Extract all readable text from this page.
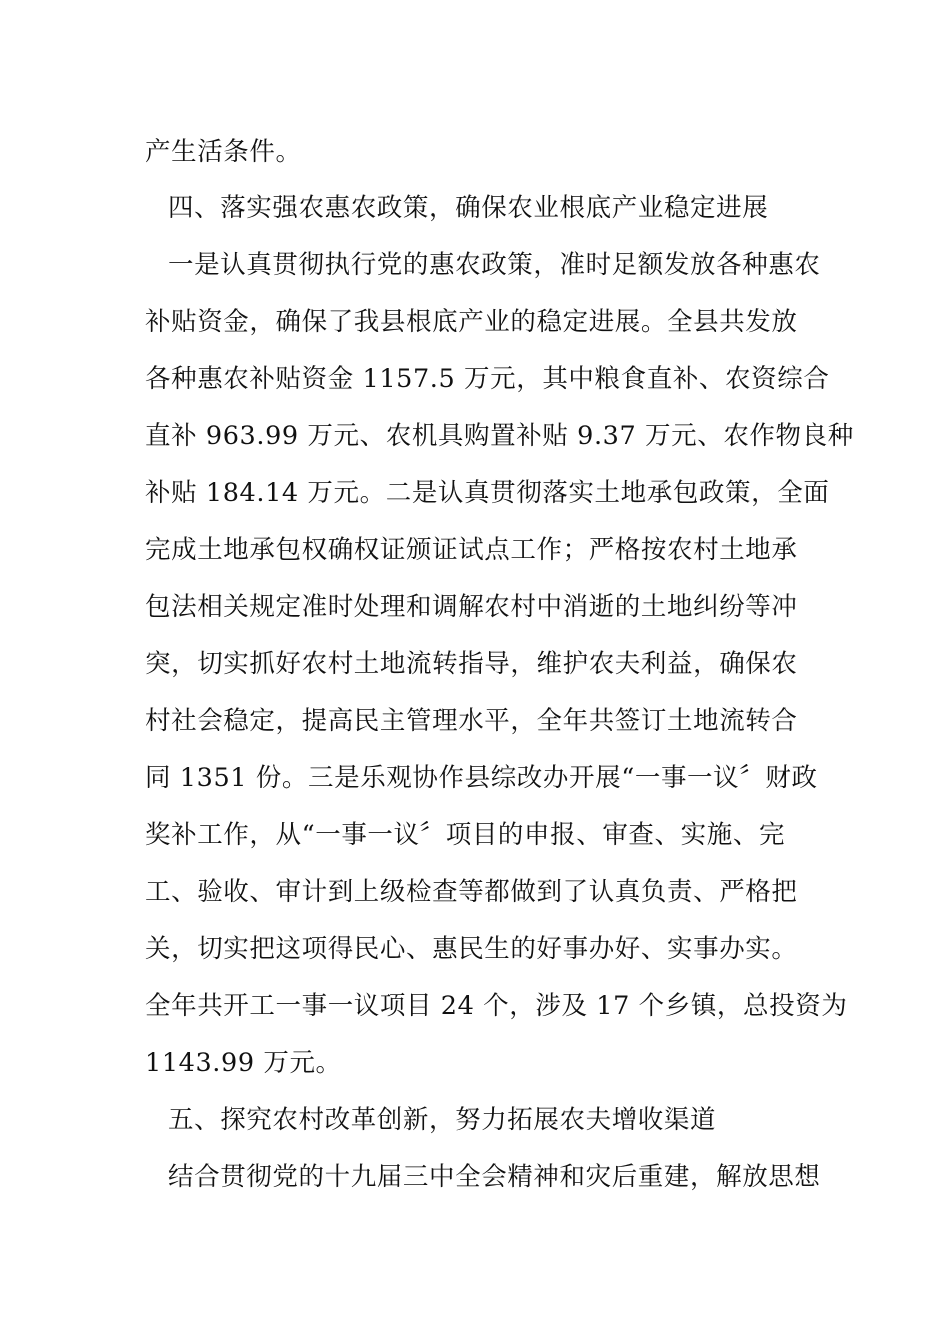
产生活条件。
四、落实强农惠农政策，确保农业根底产业稳定进展
一是认真贯彻执行党的惠农政策，准时足额发放各种惠农
补贴资金，确保了我县根底产业的稳定进展。全县共发放
各种惠农补贴资金 1157.5 万元，其中粮食直补、农资综合
直补 963.99 万元、农机具购置补贴 9.37 万元、农作物良种
补贴 184.14 万元。二是认真贯彻落实土地承包政策，全面
完成土地承包权确权证颁证试点工作；严格按农村土地承
包法相关规定准时处理和调解农村中消逝的土地纠纷等冲
突，切实抓好农村土地流转指导，维护农夫利益，确保农
村社会稳定，提高民主管理水平，全年共签订土地流转合
同 1351 份。三是乐观协作县综改办开展“一事一议〞财政
奖补工作，从“一事一议〞项目的申报、审查、实施、完
工、验收、审计到上级检查等都做到了认真负责、严格把
关，切实把这项得民心、惠民生的好事办好、实事办实。
全年共开工一事一议项目 24 个，涉及 17 个乡镇，总投资为
1143.99 万元。
五、探究农村改革创新，努力拓展农夫增收渠道
结合贯彻党的十九届三中全会精神和灾后重建，解放思想
